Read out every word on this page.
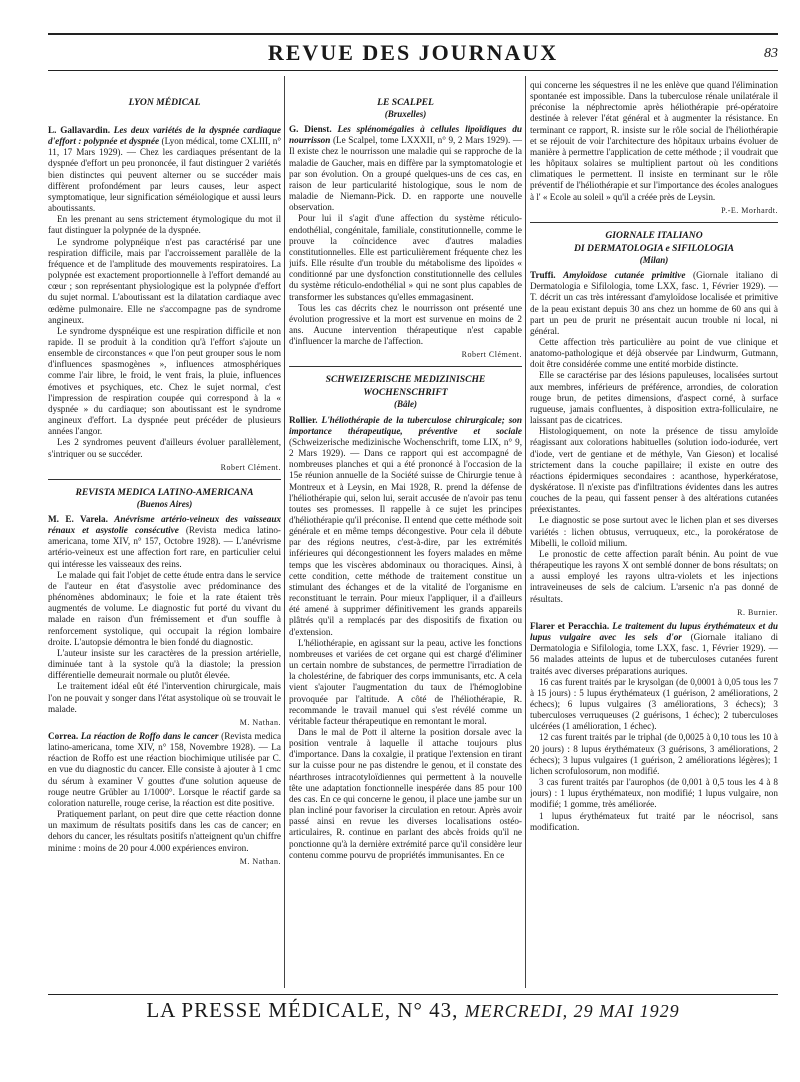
REVUE DES JOURNAUX	83
LYON MÉDICAL

L. Gallavardin. Les deux variétés de la dyspnée cardiaque d'effort : polypnée et dyspnée (Lyon médical, tome CXLIII, n° 11, 17 Mars 1929). — Chez les cardiaques présentant de la dyspnée d'effort un peu prononcée, il faut distinguer 2 variétés bien distinctes qui peuvent alterner ou se succéder mais diffèrent profondément par leurs causes, leur aspect symptomatique, leur signification séméiologique et aussi leurs aboutissants.

En les prenant au sens strictement étymologique du mot il faut distinguer la polypnée de la dyspnée.

Le syndrome polypnéique n'est pas caractérisé par une respiration difficile, mais par l'accroissement parallèle de la fréquence et de l'amplitude des mouvements respiratoires. La polypnée est exactement proportionnelle à l'effort demandé au cœur ; son représentant physiologique est la polypnée d'effort du sujet normal. L'aboutissant est la dilatation cardiaque avec œdème pulmonaire. Elle ne s'accompagne pas de syndrome angineux.

Le syndrome dyspnéique est une respiration difficile et non rapide. Il se produit à la condition qu'à l'effort s'ajoute un ensemble de circonstances « que l'on peut grouper sous le nom d'influences spasmogènes », influences atmosphériques comme l'air libre, le froid, le vent frais, la pluie, influences émotives et psychiques, etc. Chez le sujet normal, c'est l'impression de respiration coupée qui correspond à la « dyspnée » du cardiaque; son aboutissant est le syndrome angineux d'effort. La dyspnée peut précéder de plusieurs années l'angor.

Les 2 syndromes peuvent d'ailleurs évoluer parallèlement, s'intriquer ou se succéder.

Robert Clément.
REVISTA MEDICA LATINO-AMERICANA
(Buenos Aires)

M. E. Varela. Anévrisme artério-veineux des vaisseaux rénaux et asystolie consécutive (Revista medica latino-americana, tome XIV, n° 157, Octobre 1928). — L'anévrisme artério-veineux est une affection fort rare, en particulier celui qui intéresse les vaisseaux des reins.

Le malade qui fait l'objet de cette étude entra dans le service de l'auteur en état d'asystolie avec prédominance des phénomènes abdominaux; le foie et la rate étaient très augmentés de volume. Le diagnostic fut porté du vivant du malade en raison d'un frémissement et d'un souffle à renforcement systolique, qui occupait la région lombaire droite. L'autopsie démontra le bien fondé du diagnostic.

L'auteur insiste sur les caractères de la pression artérielle, diminuée tant à la systole qu'à la diastole; la pression différentielle demeurait normale ou plutôt élevée.

Le traitement idéal eût été l'intervention chirurgicale, mais l'on ne pouvait y songer dans l'état asystolique où se trouvait le malade.

M. Nathan.

Correa. La réaction de Roffo dans le cancer (Revista medica latino-americana, tome XIV, n° 158, Novembre 1928). — La réaction de Roffo est une réaction biochimique utilisée par C. en vue du diagnostic du cancer. Elle consiste à ajouter à 1 cmc du sérum à examiner V gouttes d'une solution aqueuse de rouge neutre Grübler au 1/1000°. Lorsque le réactif garde sa coloration naturelle, rouge cerise, la réaction est dite positive.

Pratiquement parlant, on peut dire que cette réaction donne un maximum de résultats positifs dans les cas de cancer; en dehors du cancer, les résultats positifs n'atteignent qu'un chiffre minime : moins de 20 pour 4.000 expériences environ.

M. Nathan.
LE SCALPEL
(Bruxelles)

G. Dienst. Les splénomégalies à cellules lipoïdiques du nourrisson (Le Scalpel, tome LXXXII, n° 9, 2 Mars 1929). — Il existe chez le nourrisson une maladie qui se rapproche de la maladie de Gaucher, mais en diffère par la symptomatologie et par son évolution. On a groupé quelques-uns de ces cas, en raison de leur particularité histologique, sous le nom de maladie de Niemann-Pick. D. en rapporte une nouvelle observation.

Pour lui il s'agit d'une affection du système réticulo-endothélial, congénitale, familiale, constitutionnelle, comme le prouve la coïncidence avec d'autres maladies constitutionnelles. Elle est particulièrement fréquente chez les juifs. Elle résulte d'un trouble du métabolisme des lipoïdes « conditionné par une dysfonction constitutionnelle des cellules du système réticulo-endothélial » qui ne sont plus capables de transformer les substances qu'elles emmagasinent.

Tous les cas décrits chez le nourrisson ont présenté une évolution progressive et la mort est survenue en moins de 2 ans. Aucune intervention thérapeutique n'est capable d'influencer la marche de l'affection.

Robert Clément.
SCHWEIZERISCHE MEDIZINISCHE WOCHENSCHRIFT
(Bâle)

Rollier. L'héliothérapie de la tuberculose chirurgicale; son importance thérapeutique, préventive et sociale (Schweizerische medizinische Wochenschrift, tome LIX, n° 9, 2 Mars 1929). — Dans ce rapport qui est accompagné de nombreuses planches et qui a été prononcé à l'occasion de la 15e réunion annuelle de la Société suisse de Chirurgie tenue à Montreux et à Leysin, en Mai 1928, R. prend la défense de l'héliothérapie qui, selon lui, serait accusée de n'avoir pas tenu toutes ses promesses. Il rappelle à ce sujet les principes d'héliothérapie qu'il préconise. Il entend que cette méthode soit générale et en même temps décongestive. Pour cela il débute par des régions neutres, c'est-à-dire, par les extrémités inférieures qui décongestionnent les foyers malades en même temps que les viscères abdominaux ou thoraciques. Ainsi, à cette condition, cette méthode de traitement constitue un stimulant des échanges et de la vitalité de l'organisme en reconstituant le terrain. Pour mieux l'appliquer, il a d'ailleurs été amené à supprimer définitivement les grands appareils plâtrés qu'il a remplacés par des dispositifs de fixation ou d'extension.

L'héliothérapie, en agissant sur la peau, active les fonctions nombreuses et variées de cet organe qui est chargé d'éliminer un certain nombre de substances, de permettre l'irradiation de la cholestérine, de fabriquer des corps immunisants, etc. A cela vient s'ajouter l'augmentation du taux de l'hémoglobine provoquée par l'altitude. A côté de l'héliothérapie, R. recommande le travail manuel qui s'est révélé comme un véritable facteur thérapeutique en remontant le moral.

Dans le mal de Pott il alterne la position dorsale avec la position ventrale à laquelle il attache toujours plus d'importance. Dans la coxalgie, il pratique l'extension en tirant sur la cuisse pour ne pas distendre le genou, et il constate des néarthroses intracotyloïdiennes qui permettent à la nouvelle tête une adaptation fonctionnelle inespérée dans 85 pour 100 des cas. En ce qui concerne le genou, il place une jambe sur un plan incliné pour favoriser la circulation en retour. Après avoir passé ainsi en revue les diverses localisations ostéo-articulaires, R. continue en parlant des abcès froids qu'il ne ponctionne qu'à la dernière extrémité parce qu'il considère leur contenu comme pourvu de propriétés immunisantes. En ce

qui concerne les séquestres il ne les enlève que quand l'élimination spontanée est impossible. Dans la tuberculose rénale unilatérale il préconise la néphrectomie après héliothérapie pré-opératoire destinée à relever l'état général et à augmenter la résistance. En terminant ce rapport, R. insiste sur le rôle social de l'héliothérapie et se réjouit de voir l'architecture des hôpitaux urbains évoluer de manière à permettre l'application de cette méthode ; il voudrait que les hôpitaux solaires se multiplient partout où les conditions climatiques le permettent. Il insiste en terminant sur le rôle préventif de l'héliothérapie et sur l'importance des écoles analogues à l' « Ecole au soleil » qu'il a créée près de Leysin.

P.-E. Morhardt.
GIORNALE ITALIANO
DI DERMATOLOGIA e SIFILOLOGIA
(Milan)

Truffi. Amyloïdose cutanée primitive (Giornale italiano di Dermatologia e Sifilologia, tome LXX, fasc. 1, Février 1929). — T. décrit un cas très intéressant d'amyloïdose localisée et primitive de la peau existant depuis 30 ans chez un homme de 60 ans qui à part un peu de prurit ne présentait aucun trouble ni local, ni général.

Cette affection très particulière au point de vue clinique et anatomo-pathologique et déjà observée par Lindwurm, Gutmann, doit être considérée comme une entité morbide distincte.

Elle se caractérise par des lésions papuleuses, localisées surtout aux membres, inférieurs de préférence, arrondies, de coloration rouge brun, de petites dimensions, d'aspect corné, à surface rugueuse, jamais confluentes, à disposition extra-folliculaire, ne laissant pas de cicatrices.

Histologiquement, on note la présence de tissu amyloïde réagissant aux colorations habituelles (solution iodo-iodurée, vert d'iode, vert de gentiane et de méthyle, Van Gieson) et localisé strictement dans la couche papillaire; il existe en outre des réactions épidermiques secondaires : acanthose, hyperkératose, dyskératose. Il n'existe pas d'infiltrations évidentes dans les autres couches de la peau, qui fassent penser à des altérations cutanées préexistantes.

Le diagnostic se pose surtout avec le lichen plan et ses diverses variétés : lichen obtusus, verruqueux, etc., la porokératose de Mibelli, le colloïd milium.

Le pronostic de cette affection paraît bénin. Au point de vue thérapeutique les rayons X ont semblé donner de bons résultats; on a aussi employé les rayons ultra-violets et les injections intraveineuses de sels de calcium. L'arsenic n'a pas donné de résultats.

R. Burnier.

Flarer et Peracchia. Le traitement du lupus érythémateux et du lupus vulgaire avec les sels d'or (Giornale italiano di Dermatologia e Sifilologia, tome LXX, fasc. 1, Février 1929). — 56 malades atteints de lupus et de tuberculoses cutanées furent traités avec diverses préparations auriques.

16 cas furent traités par le krysolgan (de 0,0001 à 0,05 tous les 7 à 15 jours) : 5 lupus érythémateux (1 guérison, 2 améliorations, 2 échecs); 6 lupus vulgaires (3 améliorations, 3 échecs); 3 tuberculoses verruqueuses (2 guérisons, 1 échec); 2 tuberculoses ulcérées (1 amélioration, 1 échec).

12 cas furent traités par le triphal (de 0,0025 à 0,10 tous les 10 à 20 jours) : 8 lupus érythémateux (3 guérisons, 3 améliorations, 2 échecs); 3 lupus vulgaires (1 guérison, 2 améliorations légères); 1 lichen scrofulosorum, non modifié.

3 cas furent traités par l'aurophos (de 0,001 à 0,5 tous les 4 à 8 jours) : 1 lupus érythémateux, non modifié; 1 lupus vulgaire, non modifié; 1 gomme, très améliorée.

1 lupus érythémateux fut traité par le néocrisol, sans modification.

LA PRESSE MÉDICALE, N° 43, MERCREDI, 29 MAI 1929
